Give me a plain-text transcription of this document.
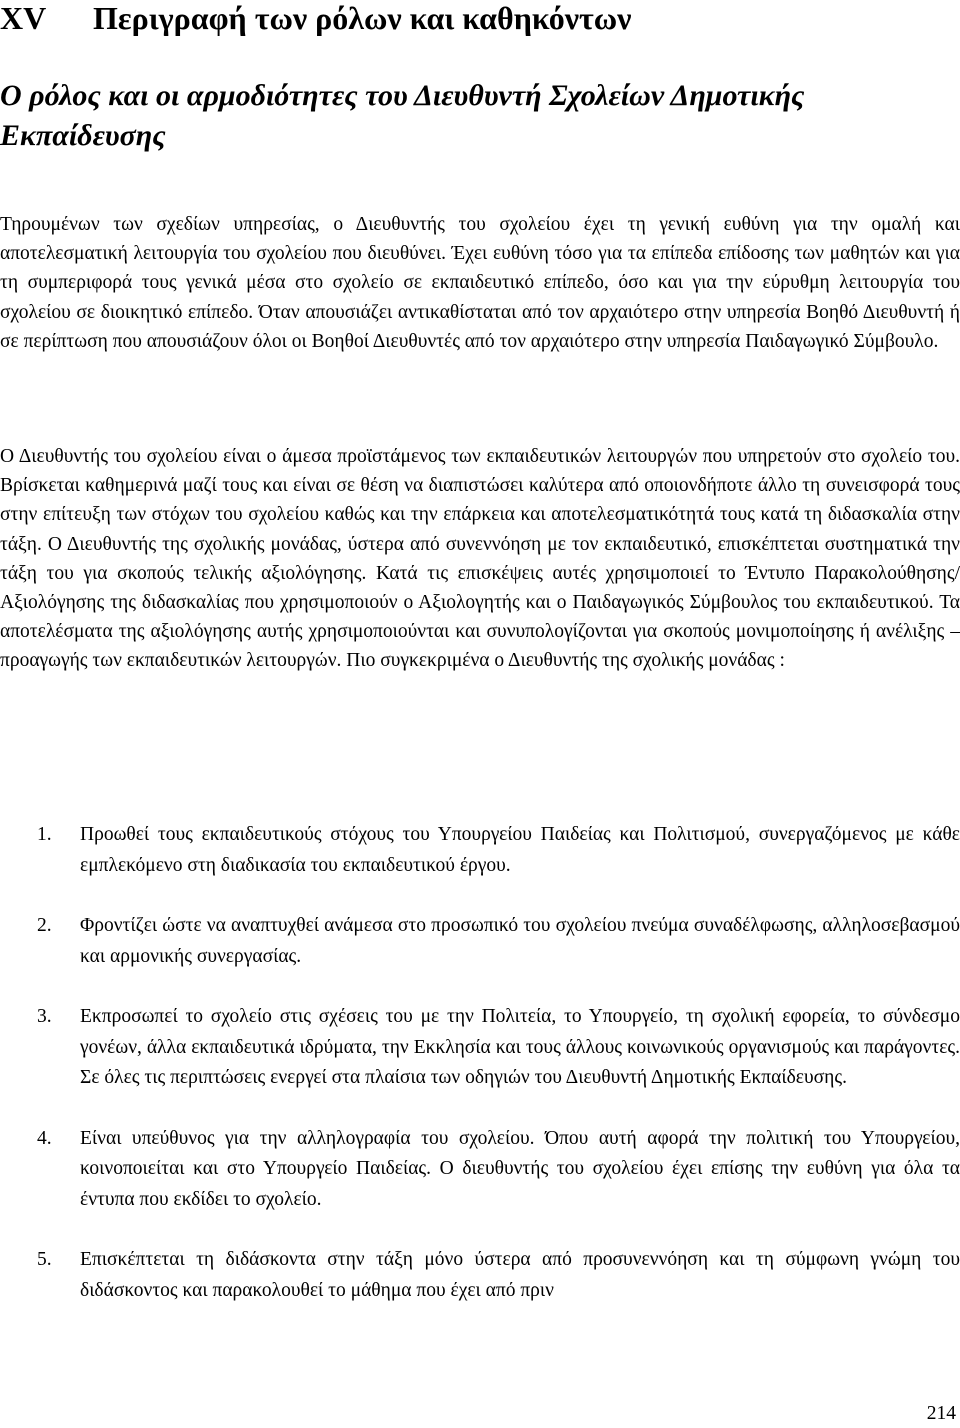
XV Περιγραφή των ρόλων και καθηκόντων
Ο ρόλος και οι αρμοδιότητες του Διευθυντή Σχολείων Δημοτικής Εκπαίδευσης

Τηρουμένων των σχεδίων υπηρεσίας, ο Διευθυντής του σχολείου έχει τη γενική ευθύνη για την ομαλή και αποτελεσματική λειτουργία του σχολείου που διευθύνει. Έχει ευθύνη τόσο για τα επίπεδα επίδοσης των μαθητών και για τη συμπεριφορά τους γενικά μέσα στο σχολείο σε εκπαιδευτικό επίπεδο, όσο και για την εύρυθμη λειτουργία του σχολείου σε διοικητικό επίπεδο. Όταν απουσιάζει αντικαθίσταται από τον αρχαιότερο στην υπηρεσία Βοηθό Διευθυντή ή σε περίπτωση που απουσιάζουν όλοι οι Βοηθοί Διευθυντές από τον αρχαιότερο στην υπηρεσία Παιδαγωγικό Σύμβουλο.

Ο Διευθυντής του σχολείου είναι ο άμεσα προϊστάμενος των εκπαιδευτικών λειτουργών που υπηρετούν στο σχολείο του. Βρίσκεται καθημερινά μαζί τους και είναι σε θέση να διαπιστώσει καλύτερα από οποιονδήποτε άλλο τη συνεισφορά τους στην επίτευξη των στόχων του σχολείου καθώς και την επάρκεια και αποτελεσματικότητά τους κατά τη διδασκαλία στην τάξη. Ο Διευθυντής της σχολικής μονάδας, ύστερα από συνεννόηση με τον εκπαιδευτικό, επισκέπτεται συστηματικά την τάξη του για σκοπούς τελικής αξιολόγησης. Κατά τις επισκέψεις αυτές χρησιμοποιεί το Έντυπο Παρακολούθησης/ Αξιολόγησης της διδασκαλίας που χρησιμοποιούν ο Αξιολογητής και ο Παιδαγωγικός Σύμβουλος του εκπαιδευτικού. Τα αποτελέσματα της αξιολόγησης αυτής χρησιμοποιούνται και συνυπολογίζονται για σκοπούς μονιμοποίησης ή ανέλιξης – προαγωγής των εκπαιδευτικών λειτουργών. Πιο συγκεκριμένα ο Διευθυντής της σχολικής μονάδας :

1. Προωθεί τους εκπαιδευτικούς στόχους του Υπουργείου Παιδείας και Πολιτισμού, συνεργαζόμενος με κάθε εμπλεκόμενο στη διαδικασία του εκπαιδευτικού έργου.
2. Φροντίζει ώστε να αναπτυχθεί ανάμεσα στο προσωπικό του σχολείου πνεύμα συναδέλφωσης, αλληλοσεβασμού και αρμονικής συνεργασίας.
3. Εκπροσωπεί το σχολείο στις σχέσεις του με την Πολιτεία, το Υπουργείο, τη σχολική εφορεία, το σύνδεσμο γονέων, άλλα εκπαιδευτικά ιδρύματα, την Εκκλησία και τους άλλους κοινωνικούς οργανισμούς και παράγοντες. Σε όλες τις περιπτώσεις ενεργεί στα πλαίσια των οδηγιών του Διευθυντή Δημοτικής Εκπαίδευσης.
4. Είναι υπεύθυνος για την αλληλογραφία του σχολείου. Όπου αυτή αφορά την πολιτική του Υπουργείου, κοινοποιείται και στο Υπουργείο Παιδείας. Ο διευθυντής του σχολείου έχει επίσης την ευθύνη για όλα τα έντυπα που εκδίδει το σχολείο.
5. Επισκέπτεται τη διδάσκοντα στην τάξη μόνο ύστερα από προσυνεννόηση και τη σύμφωνη γνώμη του διδάσκοντος και παρακολουθεί το μάθημα που έχει από πριν
214
